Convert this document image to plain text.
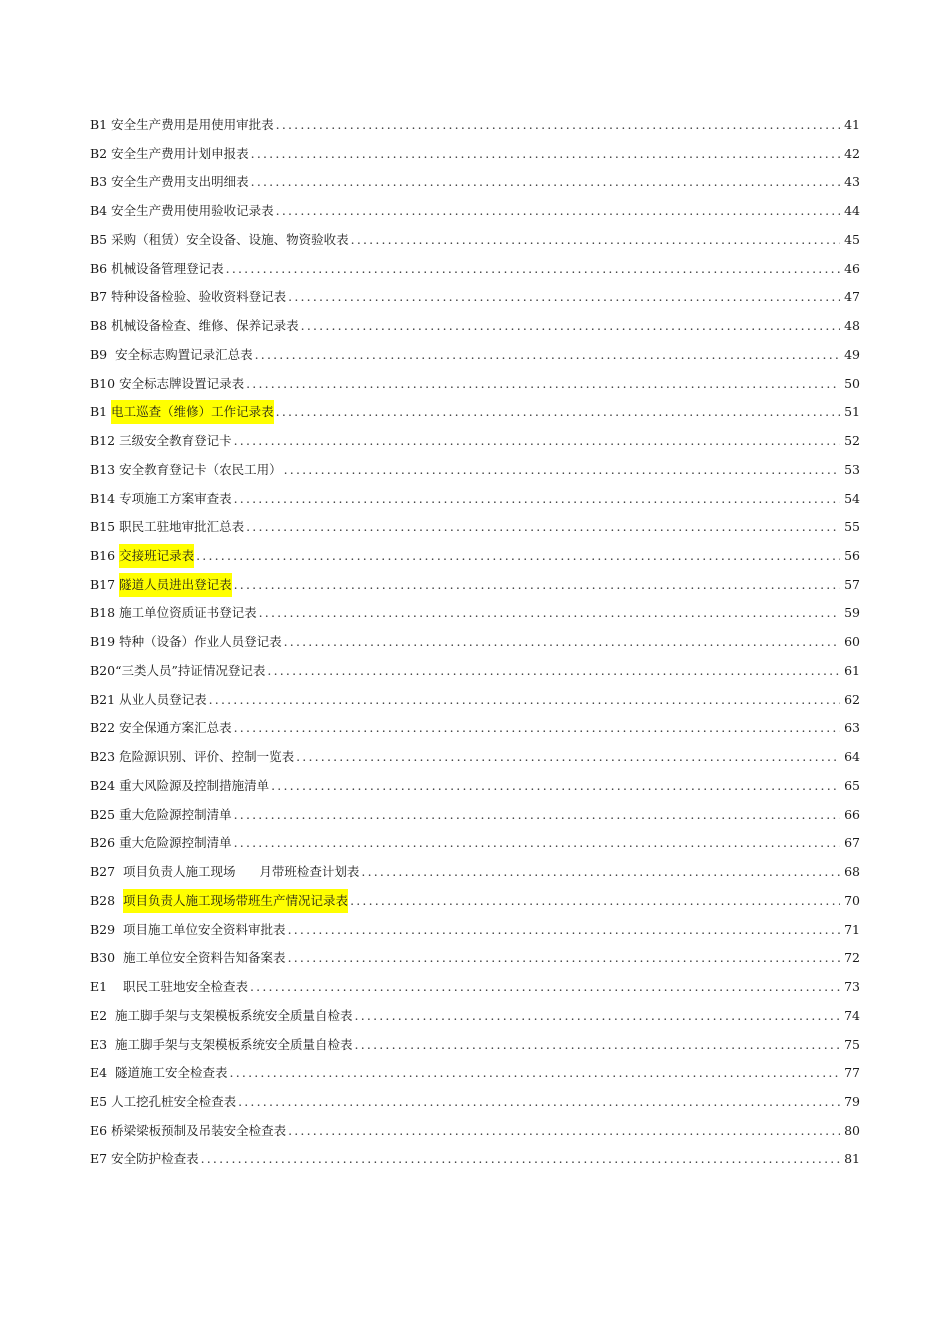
B1 安全生产费用是用使用审批表 .....	41
B2 安全生产费用计划申报表 .....	42
B3 安全生产费用支出明细表 .....	43
B4 安全生产费用使用验收记录表 .....	44
B5 采购（租赁）安全设备、设施、物资验收表 .....	45
B6 机械设备管理登记表 .....	46
B7 特种设备检验、验收资料登记表 .....	47
B8 机械设备检查、维修、保养记录表 .....	48
B9 安全标志购置记录汇总表 .....	49
B10 安全标志牌设置记录表 .....	50
B1 电工巡查（维修）工作记录表 .....	51
B12 三级安全教育登记卡 .....	52
B13 安全教育登记卡（农民工用） .....	53
B14 专项施工方案审查表 .....	54
B15 职民工驻地审批汇总表 .....	55
B16 交接班记录表 .....	56
B17 隧道人员进出登记表 .....	57
B18 施工单位资质证书登记表 .....	59
B19 特种（设备）作业人员登记表 .....	60
B20 “三类人员”持证情况登记表 .....	61
B21 从业人员登记表 .....	62
B22 安全保通方案汇总表 .....	63
B23 危险源识别、评价、控制一览表 .....	64
B24 重大风险源及控制措施清单 .....	65
B25 重大危险源控制清单 .....	66
B26 重大危险源控制清单 .....	67
B27 项目负责人施工现场      月带班检查计划表 .....	68
B28 项目负责人施工现场带班生产情况记录表 .....	70
B29 项目施工单位安全资料审批表 .....	71
B30 施工单位安全资料告知备案表 .....	72
E1 职民工驻地安全检查表 .....	73
E2 施工脚手架与支架模板系统安全质量自检表 .....	74
E3 施工脚手架与支架模板系统安全质量自检表 .....	75
E4 隧道施工安全检查表 .....	77
E5 人工挖孔桩安全检查表 .....	79
E6 桥梁梁板预制及吊装安全检查表 .....	80
E7 安全防护检查表 .....	81
